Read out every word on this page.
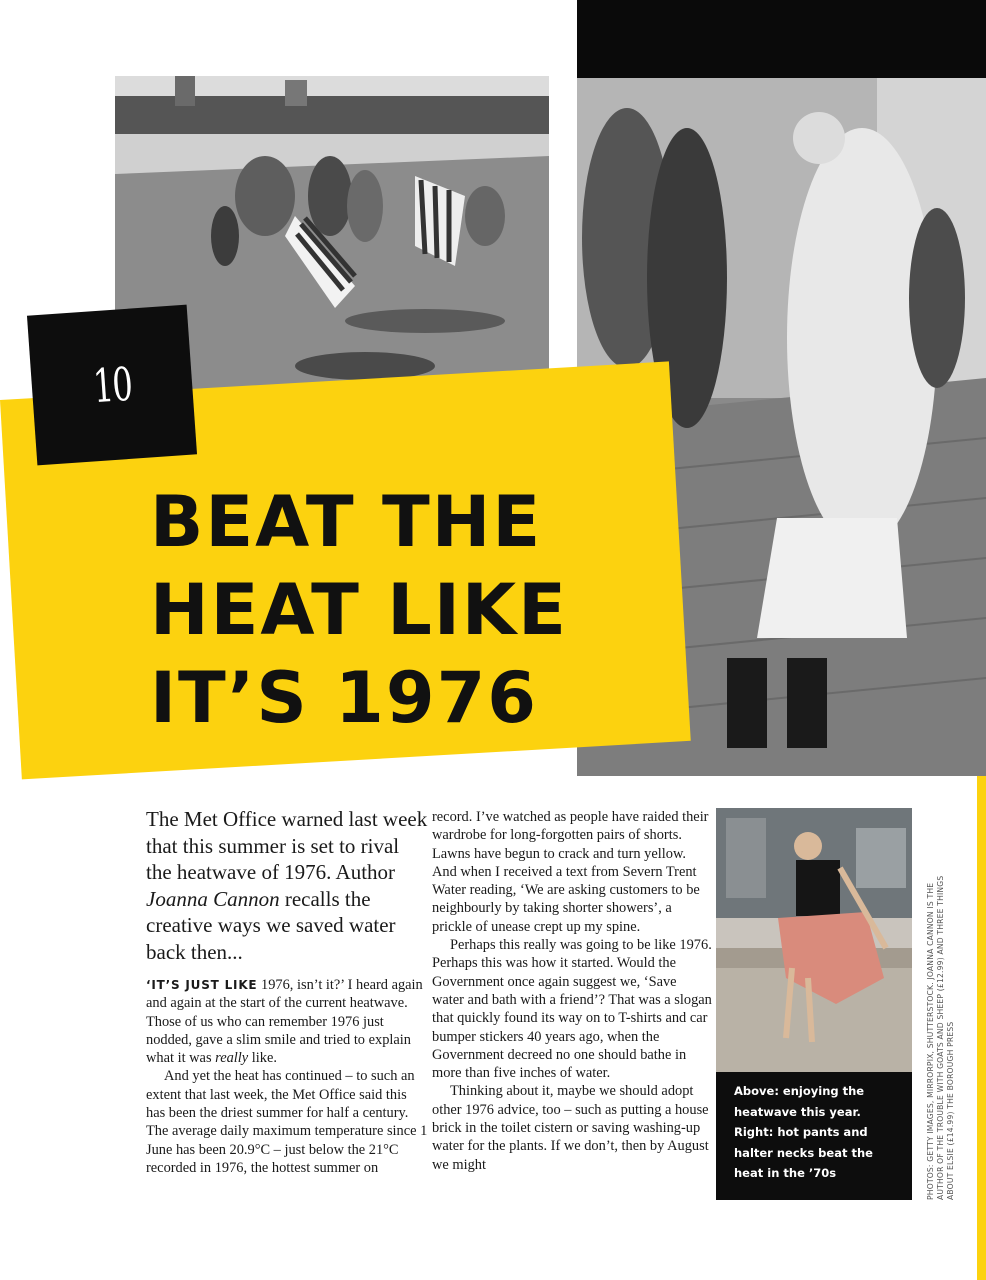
10
BEAT THE
HEAT LIKE
IT’S 1976
The Met Office warned last week that this summer is set to rival the heatwave of 1976. Author Joanna Cannon recalls the creative ways we saved water back then...

‘IT’S JUST LIKE 1976, isn’t it?’ I heard again and again at the start of the current heatwave. Those of us who can remember 1976 just nodded, gave a slim smile and tried to explain what it was really like.

And yet the heat has continued – to such an extent that last week, the Met Office said this has been the driest summer for half a century. The average daily maximum temperature since 1 June has been 20.9°C – just below the 21°C recorded in 1976, the hottest summer on

record. I’ve watched as people have raided their wardrobe for long-forgotten pairs of shorts. Lawns have begun to crack and turn yellow. And when I received a text from Severn Trent Water reading, ‘We are asking customers to be neighbourly by taking shorter showers’, a prickle of unease crept up my spine.

Perhaps this really was going to be like 1976. Perhaps this was how it started. Would the Government once again suggest we, ‘Save water and bath with a friend’? That was a slogan that quickly found its way on to T-shirts and car bumper stickers 40 years ago, when the Government decreed no one should bathe in more than five inches of water.

Thinking about it, maybe we should adopt other 1976 advice, too – such as putting a house brick in the toilet cistern or saving washing-up water for the plants. If we don’t, then by August we might

Above: enjoying the heatwave this year. Right: hot pants and halter necks beat the heat in the ’70s	PHOTOS: GETTY IMAGES, MIRRORPIX, SHUTTERSTOCK. JOANNA CANNON IS THE AUTHOR OF THE TROUBLE WITH GOATS AND SHEEP (£12.99) AND THREE THINGS ABOUT ELSIE (£14.99) THE BOROUGH PRESS
